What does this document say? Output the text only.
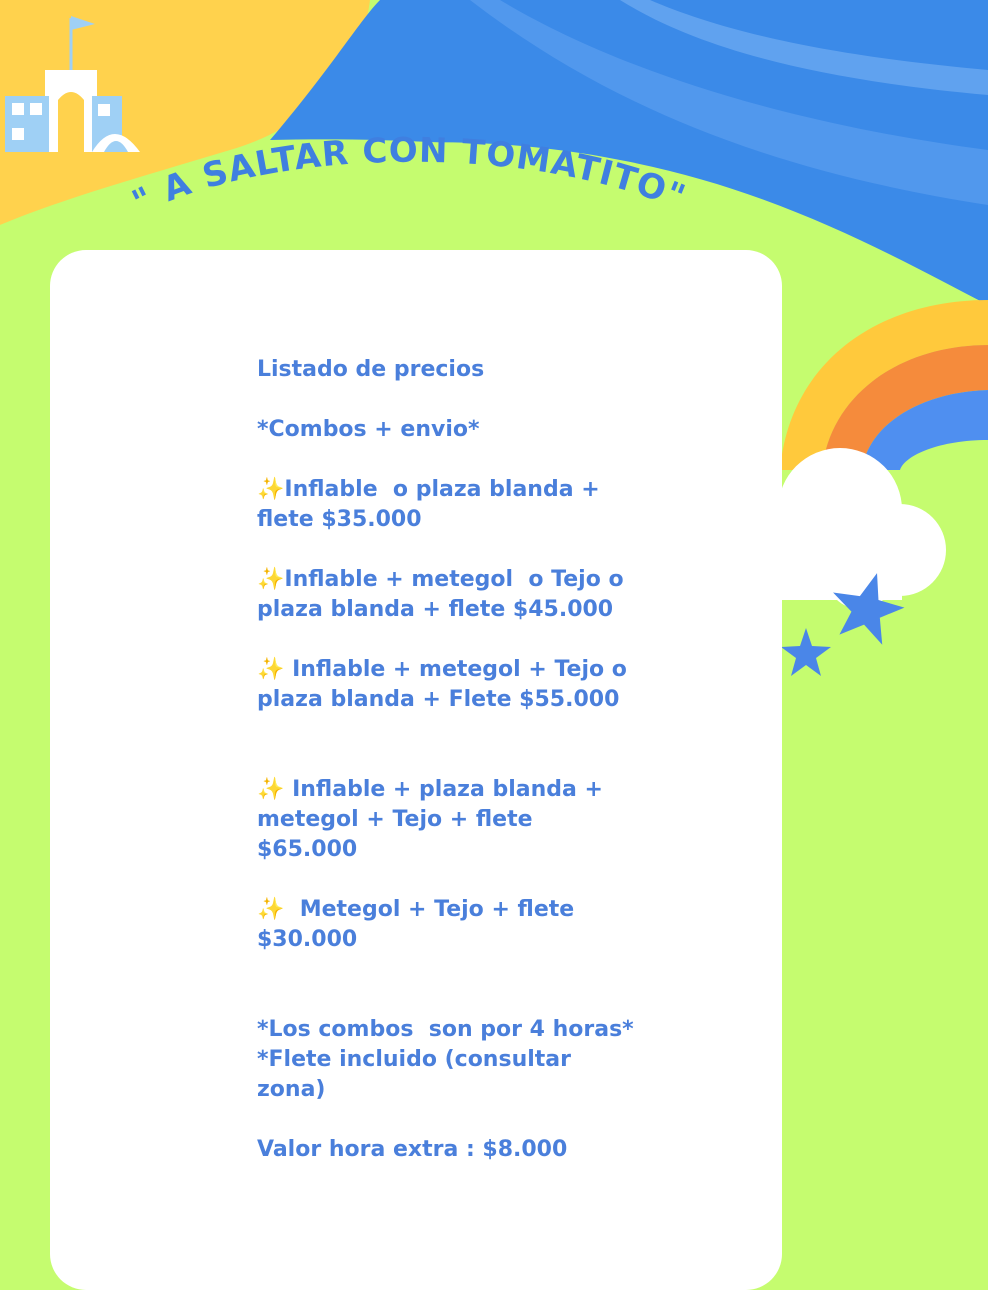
" A SALTAR CON TOMATITO"
Listado de precios
*Combos + envio*
✨Inflable  o plaza blanda +
flete $35.000
✨Inflable + metegol  o Tejo o
plaza blanda + flete $45.000
✨ Inflable + metegol + Tejo o
plaza blanda + Flete $55.000
✨ Inflable + plaza blanda +
metegol + Tejo + flete
$65.000
✨  Metegol + Tejo + flete
$30.000
*Los combos  son por 4 horas*
*Flete incluido (consultar
zona)
Valor hora extra : $8.000
